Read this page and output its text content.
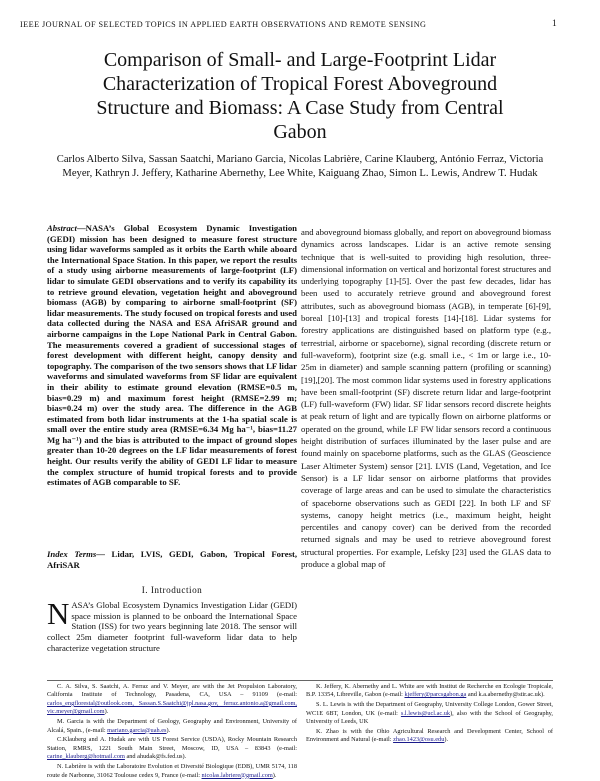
IEEE JOURNAL OF SELECTED TOPICS IN APPLIED EARTH OBSERVATIONS AND REMOTE SENSING	1
Comparison of Small- and Large-Footprint Lidar Characterization of Tropical Forest Aboveground Structure and Biomass: A Case Study from Central Gabon

Carlos Alberto Silva, Sassan Saatchi, Mariano Garcia, Nicolas Labrière, Carine Klauberg, António Ferraz, Victoria Meyer, Kathryn J. Jeffery, Katharine Abernethy, Lee White, Kaiguang Zhao, Simon L. Lewis, Andrew T. Hudak

Abstract—NASA’s Global Ecosystem Dynamic Investigation (GEDI) mission has been designed to measure forest structure using lidar waveforms sampled as it orbits the Earth while aboard the International Space Station. In this paper, we report the results of a study using airborne measurements of large-footprint (LF) lidar to simulate GEDI observations and to verify its capability its to retrieve ground elevation, vegetation height and aboveground biomass (AGB) by comparing to airborne small-footprint (SF) lidar measurements. The study focused on tropical forests and used data collected during the NASA and ESA AfriSAR ground and airborne campaigns in the Lope National Park in Central Gabon. The measurements covered a gradient of successional stages of forest development with different height, canopy density and topography. The comparison of the two sensors shows that LF lidar waveforms and simulated waveforms from SF lidar are equivalent in their ability to estimate ground elevation (RMSE=0.5 m, bias=0.29 m) and maximum forest height (RMSE=2.99 m; bias=0.24 m) over the study area. The difference in the AGB estimated from both lidar instruments at the 1-ha spatial scale is small over the entire study area (RMSE=6.34 Mg ha⁻¹, bias=11.27 Mg ha⁻¹) and the bias is attributed to the impact of ground slopes greater than 10-20 degrees on the LF lidar measurements of forest height. Our results verify the ability of GEDI LF lidar to measure the complex structure of humid tropical forests and to provide estimates of AGB comparable to SF.

Index Terms— Lidar, LVIS, GEDI, Gabon, Tropical Forest, AfriSAR

I. Introduction

NASA’s Global Ecosystem Dynamics Investigation Lidar (GEDI) space mission is planned to be onboard the International Space Station (ISS) for two years beginning late 2018. The sensor will collect 25m diameter footprint full-waveform lidar data to help characterize vegetation structure

and aboveground biomass globally, and report on aboveground biomass dynamics across landscapes. Lidar is an active remote sensing technique that is well-suited to providing high resolution, three-dimensional information on vertical and horizontal forest structures and underlying topography [1]-[5]. Over the past few decades, lidar has been used to accurately retrieve ground and aboveground forest attributes, such as aboveground biomass (AGB), in temperate [6]-[9], boreal [10]-[13] and tropical forests [14]-[18]. Lidar systems for forestry applications are distinguished based on platform type (e.g., terrestrial, airborne or spaceborne), signal recording (discrete return or full-waveform), footprint size (e.g. small i.e., < 1m or large i.e., 10-25m in diameter) and sample scanning pattern (profiling or scanning) [19],[20]. The most common lidar systems used in forestry applications have been small-footprint (SF) discrete return lidar and large-footprint (LF) full-waveform (FW) lidar. SF lidar sensors record discrete heights at peak return of light and are typically flown on airborne platforms or operated on the ground, while LF FW lidar sensors record a continuous height distribution of surfaces illuminated by the laser pulse and are found mainly on spaceborne platforms, such as the GLAS (Geoscience Laser Altimeter System) sensor [21]. LVIS (Land, Vegetation, and Ice Sensor) is a LF lidar sensor on airborne platforms that provides coverage of large areas and can be used to simulate the characteristics of spaceborne observations such as GEDI [22]. In both LF and SF systems, canopy height metrics (i.e., maximum height, height percentiles and canopy cover) can be derived from the recorded returned signals and may be used to retrieve aboveground forest structural properties. For example, Lefsky [23] used the GLAS data to produce a global map of

C. A. Silva, S. Saatchi, A. Ferraz and V. Meyer, are with the Jet Propulsion Laboratory, California Institute of Technology, Pasadena, CA, USA – 91109 (e-mail: carlos_engflorestal@outlook.com, Sassan.S.Saatchi@jpl.nasa.gov, ferraz.antonio.a@gmail.com, vic.meyer@gmail.com).

M. Garcia is with the Department of Geology, Geography and Environment, University of Alcalá, Spain., (e-mail: mariano.garcia@uah.es).

C.Klauberg and A. Hudak are with US Forest Service (USDA), Rocky Mountain Research Station, RMRS, 1221 South Main Street, Moscow, ID, USA – 83843 (e-mail: carine_klauberg@hotmail.com and ahudak@fs.fed.us).

N. Labrière is with the Laboratoire Evolution et Diversité Biologique (EDB), UMR 5174, 118 route de Narbonne, 31062 Toulouse cedex 9, France (e-mail: nicolas.labriere@gmail.com).

K. Jeffery, K. Abernethy and L. White are with Institut de Recherche en Ecologie Tropicale, B.P. 13354, Libreville, Gabon (e-mail: kjeffery@parcsgabon.ga and k.a.abernethy@stir.ac.uk).

S. L. Lewis is with the Department of Geography, University College London, Gower Street, WC1E 6BT, London, UK (e-mail: s.l.lewis@ucl.ac.uk), also with the School of Geography, University of Leeds, UK

K. Zhao is with the Ohio Agricultural Research and Development Center, School of Environment and Natural (e-mail: zhao.1423@osu.edu).
